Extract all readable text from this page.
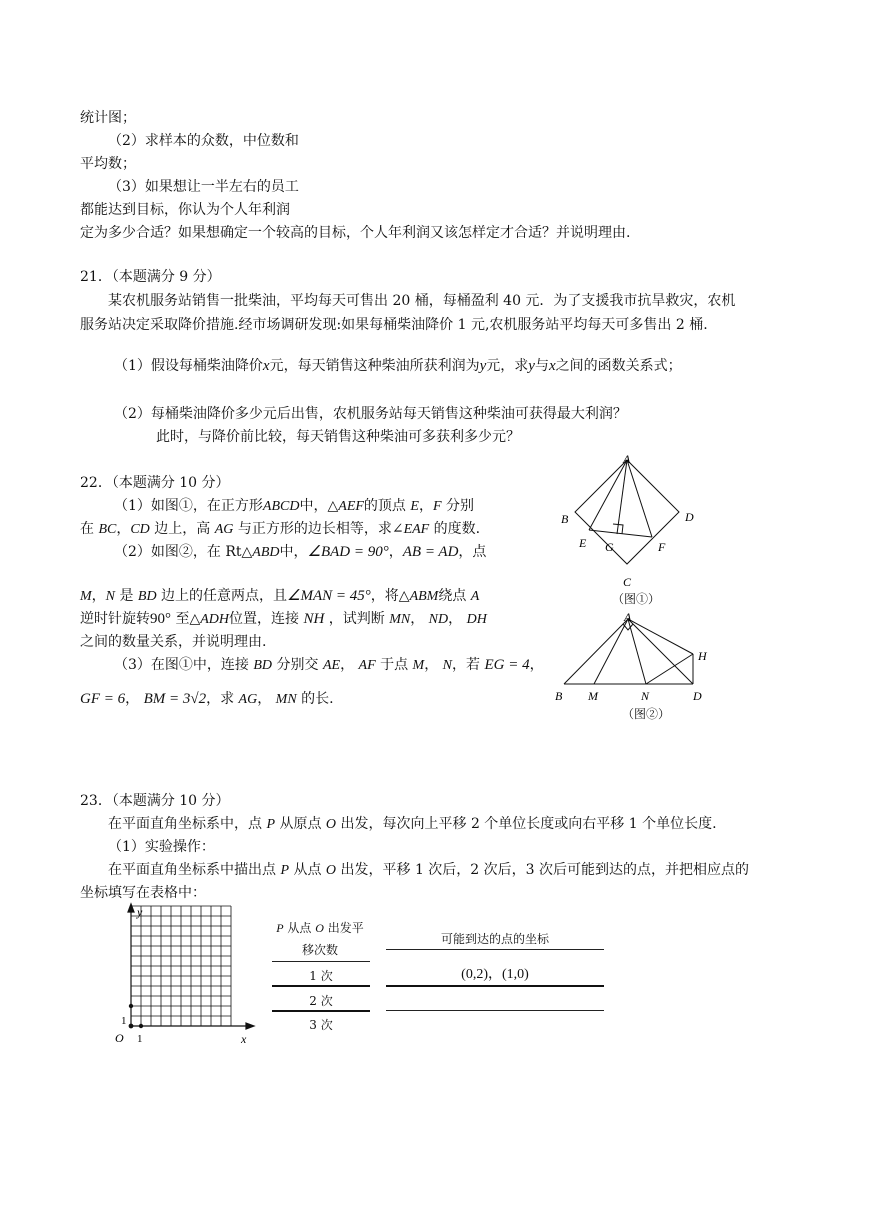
统计图；
（2）求样本的众数，中位数和
平均数；
（3）如果想让一半左右的员工
都能达到目标，你认为个人年利润
定为多少合适？如果想确定一个较高的目标，个人年利润又该怎样定才合适？并说明理由.
21．（本题满分 9 分）
某农机服务站销售一批柴油，平均每天可售出 20 桶，每桶盈利 40 元．为了支援我市抗旱救灾，农机
服务站决定采取降价措施.经市场调研发现:如果每桶柴油降价 1 元,农机服务站平均每天可多售出 2 桶.
（1）假设每桶柴油降价x元，每天销售这种柴油所获利润为y元，求y与x之间的函数关系式；
（2）每桶柴油降价多少元后出售，农机服务站每天销售这种柴油可获得最大利润？
此时，与降价前比较，每天销售这种柴油可多获利多少元？
22．（本题满分 10 分）
（1）如图①，在正方形ABCD中，△AEF的顶点 E，F 分别
在 BC，CD 边上，高 AG 与正方形的边长相等，求∠EAF 的度数.
（2）如图②，在 Rt△ABD中，∠BAD = 90°，AB = AD，点
M，N 是 BD 边上的任意两点，且∠MAN = 45°，将△ABM绕点 A
逆时针旋转90° 至△ADH位置，连接 NH ，试判断 MN， ND， DH
之间的数量关系，并说明理由.
（3）在图①中，连接 BD 分别交 AE， AF 于点 M， N，若 EG = 4，
GF = 6， BM = 3√2，求 AG， MN 的长.
A
B	D
E G	F
C
（图①）
A
H
B M	N	D
（图②）
23．（本题满分 10 分）
在平面直角坐标系中，点 P 从原点 O 出发，每次向上平移 2 个单位长度或向右平移 1 个单位长度.
（1）实验操作：
在平面直角坐标系中描出点 P 从点 O 出发，平移 1 次后，2 次后，3 次后可能到达的点，并把相应点的
坐标填写在表格中：
y
x
O 1
1
P 从点 O 出发平
移次数
可能到达的点的坐标
1 次	(0,2)，(1,0)
2 次
3 次
